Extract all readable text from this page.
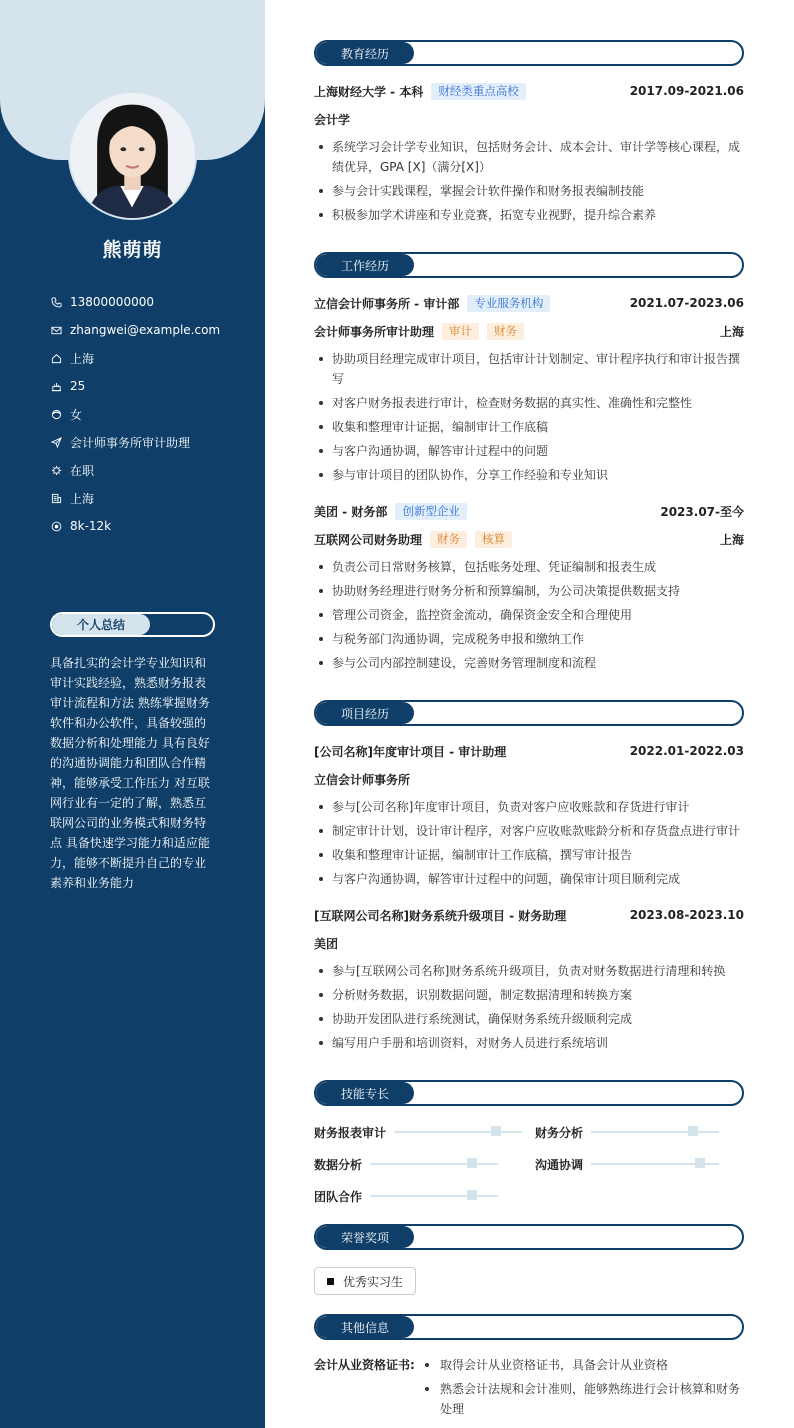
熊萌萌
13800000000
zhangwei@example.com
上海
25
女
会计师事务所审计助理
在职
上海
8k-12k
个人总结
具备扎实的会计学专业知识和审计实践经验，熟悉财务报表审计流程和方法 熟练掌握财务软件和办公软件，具备较强的数据分析和处理能力 具有良好的沟通协调能力和团队合作精神，能够承受工作压力 对互联网行业有一定的了解，熟悉互联网公司的业务模式和财务特点 具备快速学习能力和适应能力，能够不断提升自己的专业素养和业务能力
教育经历
上海财经大学 - 本科	财经类重点高校	2017.09-2021.06
会计学
系统学习会计学专业知识，包括财务会计、成本会计、审计学等核心课程，成绩优异，GPA [X]（满分[X]）
参与会计实践课程，掌握会计软件操作和财务报表编制技能
积极参加学术讲座和专业竞赛，拓宽专业视野，提升综合素养
工作经历
立信会计师事务所 - 审计部	专业服务机构	2021.07-2023.06
会计师事务所审计助理	审计	财务	上海
协助项目经理完成审计项目，包括审计计划制定、审计程序执行和审计报告撰写
对客户财务报表进行审计，检查财务数据的真实性、准确性和完整性
收集和整理审计证据，编制审计工作底稿
与客户沟通协调，解答审计过程中的问题
参与审计项目的团队协作，分享工作经验和专业知识
美团 - 财务部	创新型企业	2023.07-至今
互联网公司财务助理	财务	核算	上海
负责公司日常财务核算，包括账务处理、凭证编制和报表生成
协助财务经理进行财务分析和预算编制，为公司决策提供数据支持
管理公司资金，监控资金流动，确保资金安全和合理使用
与税务部门沟通协调，完成税务申报和缴纳工作
参与公司内部控制建设，完善财务管理制度和流程
项目经历
[公司名称]年度审计项目 - 审计助理	2022.01-2022.03
立信会计师事务所
参与[公司名称]年度审计项目，负责对客户应收账款和存货进行审计
制定审计计划，设计审计程序，对客户应收账款账龄分析和存货盘点进行审计
收集和整理审计证据，编制审计工作底稿，撰写审计报告
与客户沟通协调，解答审计过程中的问题，确保审计项目顺利完成
[互联网公司名称]财务系统升级项目 - 财务助理	2023.08-2023.10
美团
参与[互联网公司名称]财务系统升级项目，负责对财务数据进行清理和转换
分析财务数据，识别数据问题，制定数据清理和转换方案
协助开发团队进行系统测试，确保财务系统升级顺利完成
编写用户手册和培训资料，对财务人员进行系统培训
技能专长
财务报表审计	财务分析
数据分析	沟通协调
团队合作
荣誉奖项
优秀实习生
其他信息
会计从业资格证书:	取得会计从业资格证书，具备会计从业资格
熟悉会计法规和会计准则，能够熟练进行会计核算和财务处理
